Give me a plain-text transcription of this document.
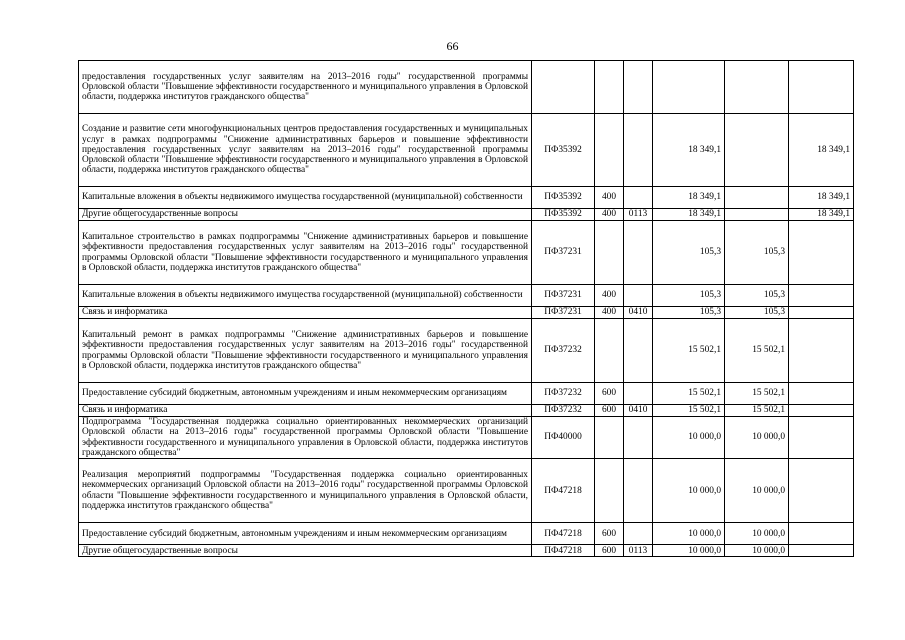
66
предоставления государственных услуг заявителям на 2013–2016 годы" государственной программы Орловской области "Повышение эффективности государственного и муниципального управления в Орловской области, поддержка институтов гражданского общества"						
Создание и развитие сети многофункциональных центров предоставления государственных и муниципальных услуг в рамках подпрограммы "Снижение административных барьеров и повышение эффективности предоставления государственных услуг заявителям на 2013–2016 годы" государственной программы Орловской области "Повышение эффективности государственного и муниципального управления в Орловской области, поддержка институтов гражданского общества"	ПФ35392			18 349,1		18 349,1
Капитальные вложения в объекты недвижимого имущества государственной (муниципальной) собственности	ПФ35392	400		18 349,1		18 349,1
Другие общегосударственные вопросы	ПФ35392	400	0113	18 349,1		18 349,1
Капитальное строительство в рамках подпрограммы "Снижение административных барьеров и повышение эффективности предоставления государственных услуг заявителям на 2013–2016 годы" государственной программы Орловской области "Повышение эффективности государственного и муниципального управления в Орловской области, поддержка институтов гражданского общества"	ПФ37231			105,3	105,3	
Капитальные вложения в объекты недвижимого имущества государственной (муниципальной) собственности	ПФ37231	400		105,3	105,3	
Связь и информатика	ПФ37231	400	0410	105,3	105,3	
Капитальный ремонт в рамках подпрограммы "Снижение административных барьеров и повышение эффективности предоставления государственных услуг заявителям на 2013–2016 годы" государственной программы Орловской области "Повышение эффективности государственного и муниципального управления в Орловской области, поддержка институтов гражданского общества"	ПФ37232			15 502,1	15 502,1	
Предоставление субсидий бюджетным, автономным учреждениям и иным некоммерческим организациям	ПФ37232	600		15 502,1	15 502,1	
Связь и информатика	ПФ37232	600	0410	15 502,1	15 502,1	
Подпрограмма "Государственная поддержка социально ориентированных некоммерческих организаций Орловской области на 2013–2016 годы" государственной программы Орловской области "Повышение эффективности государственного и муниципального управления в Орловской области, поддержка институтов гражданского общества"	ПФ40000			10 000,0	10 000,0	
Реализация мероприятий подпрограммы "Государственная поддержка социально ориентированных некоммерческих организаций Орловской области на 2013–2016 годы" государственной программы Орловской области "Повышение эффективности государственного и муниципального управления в Орловской области, поддержка институтов гражданского общества"	ПФ47218			10 000,0	10 000,0	
Предоставление субсидий бюджетным, автономным учреждениям и иным некоммерческим организациям	ПФ47218	600		10 000,0	10 000,0	
Другие общегосударственные вопросы	ПФ47218	600	0113	10 000,0	10 000,0	
